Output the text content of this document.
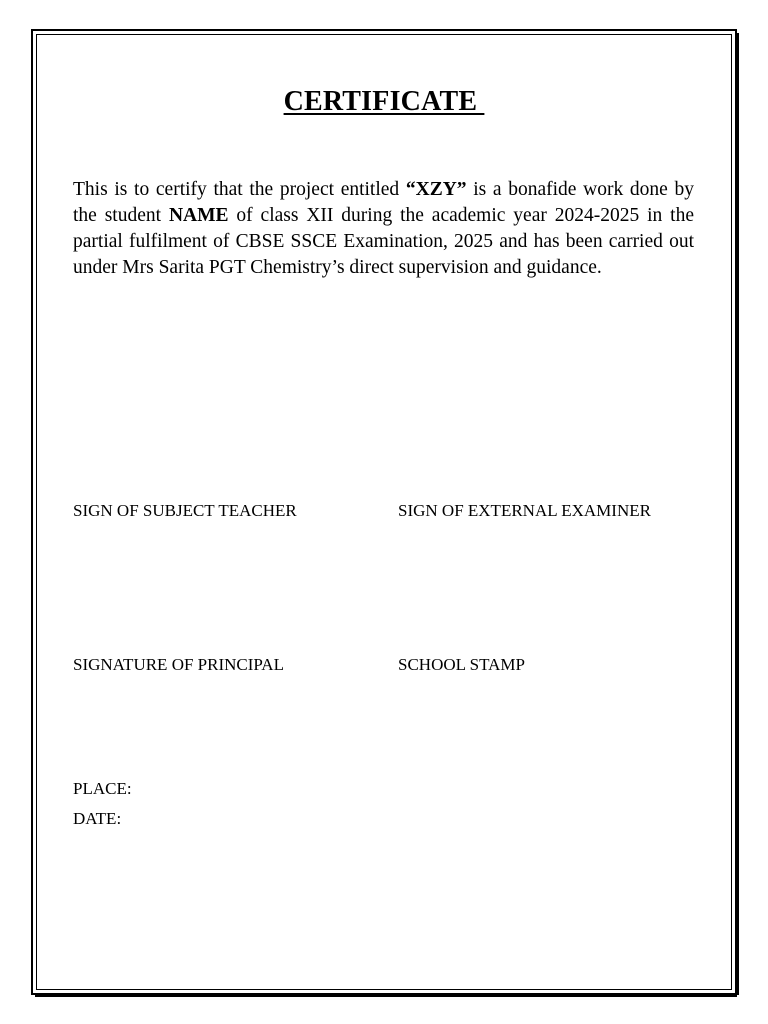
CERTIFICATE

This is to certify that the project entitled “XZY” is a bonafide work done by the student NAME of class XII during the academic year 2024-2025 in the partial fulfilment of CBSE SSCE Examination, 2025 and has been carried out under Mrs Sarita PGT Chemistry’s direct supervision and guidance.

SIGN OF SUBJECT TEACHER	SIGN OF EXTERNAL EXAMINER
SIGNATURE OF PRINCIPAL	SCHOOL STAMP
PLACE:
DATE:
